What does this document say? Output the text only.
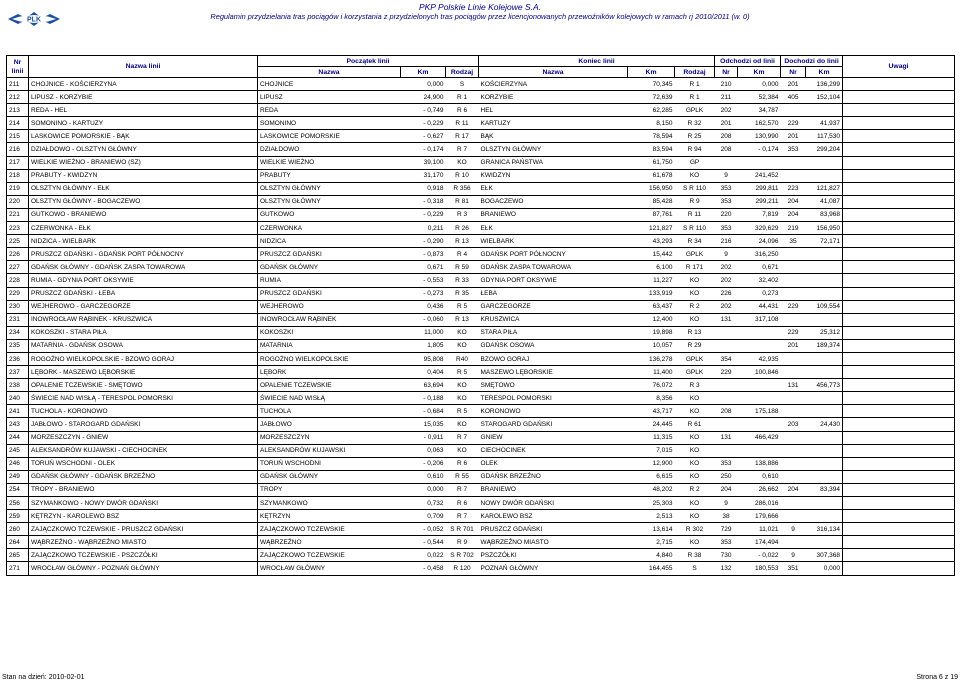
PLK
PKP Polskie Linie Kolejowe S.A.
Regulamin przydzielania tras pociągów i korzystania z przydzielonych tras pociągów przez licencjonowanych przewoźników kolejowych w ramach rj 2010/2011 (w. 0)
Nr linii	Nazwa linii	Początek linii			Koniec linii			Odchodzi od linii		Dochodzi do linii		Uwagi
		Nazwa	Km	Rodzaj	Nazwa	Km	Rodzaj	Nr	Km	Nr	Km	
211	CHOJNICE - KOŚCIERZYNA	CHOJNICE	0,000	S	KOŚCIERZYNA	70,345	R 1	210	0,000	201	136,299	
212	LIPUSZ - KORZYBIE	LIPUSZ	24,900	R 1	KORZYBIE	72,639	R 1	211	52,384	405	152,104	
213	REDA - HEL	REDA	- 0,749	R 6	HEL	62,285	GPLK	202	34,787			
214	SOMONINO - KARTUZY	SOMONINO	- 0,229	R 11	KARTUZY	8,150	R 32	201	162,570	229	41,937	
215	LASKOWICE POMORSKIE - BĄK	LASKOWICE POMORSKIE	- 0,627	R 17	BĄK	78,594	R 25	208	130,990	201	117,530	
216	DZIAŁDOWO - OLSZTYN GŁÓWNY	DZIAŁDOWO	- 0,174	R 7	OLSZTYN GŁÓWNY	83,594	R 94	208	- 0,174	353	299,204	
217	WIELKIE WIEŻNO - BRANIEWO (SZ)	WIELKIE WIEŻNO	39,100	KO	GRANICA PAŃSTWA	61,750	GP					
218	PRABUTY - KWIDZYN	PRABUTY	31,170	R 10	KWIDZYN	61,678	KO	9	241,452			
219	OLSZTYN GŁÓWNY - EŁK	OLSZTYN GŁÓWNY	0,918	R 356	EŁK	156,950	S R 110	353	299,811	223	121,827	
220	OLSZTYN GŁÓWNY - BOGACZEWO	OLSZTYN GŁÓWNY	- 0,318	R 81	BOGACZEWO	85,428	R 9	353	299,211	204	41,087	
221	GUTKOWO - BRANIEWO	GUTKOWO	- 0,229	R 3	BRANIEWO	87,761	R 11	220	7,819	204	83,968	
223	CZERWONKA - EŁK	CZERWONKA	0,211	R 26	EŁK	121,827	S R 110	353	329,629	219	156,950	
225	NIDZICA - WIELBARK	NIDZICA	- 0,290	R 13	WIELBARK	43,293	R 34	216	24,096	35	72,171	
226	PRUSZCZ GDAŃSKI - GDAŃSK PORT PÓŁNOCNY	PRUSZCZ GDAŃSKI	- 0,873	R 4	GDAŃSK PORT PÓŁNOCNY	15,442	GPLK	9	316,250			
227	GDAŃSK GŁÓWNY - GDAŃSK ZASPA TOWAROWA	GDAŃSK GŁÓWNY	0,671	R 59	GDAŃSK ZASPA TOWAROWA	6,100	R 171	202	0,671			
228	RUMIA - GDYNIA PORT OKSYWIE	RUMIA	- 0,553	R 33	GDYNIA PORT OKSYWIE	11,227	KO	202	32,402			
229	PRUSZCZ GDAŃSKI - ŁEBA	PRUSZCZ GDAŃSKI	- 0,273	R 35	ŁEBA	133,919	KO	226	0,273			
230	WEJHEROWO - GARCZEGORZE	WEJHEROWO	0,436	R 5	GARCZEGORZE	63,437	R 2	202	44,431	229	109,554	
231	INOWROCŁAW RĄBINEK - KRUSZWICA	INOWROCŁAW RĄBINEK	- 0,060	R 13	KRUSZWICA	12,400	KO	131	317,108			
234	KOKOSZKI - STARA PIŁA	KOKOSZKI	11,000	KO	STARA PIŁA	19,898	R 13			229	25,312	
235	MATARNIA - GDAŃSK OSOWA	MATARNIA	1,805	KO	GDAŃSK OSOWA	10,057	R 29			201	189,374	
236	ROGOŻNO WIELKOPOLSKIE - BZOWO GORAJ	ROGOŻNO WIELKOPOLSKIE	95,808	R40	BZOWO GORAJ	136,278	GPLK	354	42,935			
237	LĘBORK - MASZEWO LĘBORSKIE	LĘBORK	0,404	R 5	MASZEWO LĘBORSKIE	11,400	GPLK	229	100,846			
238	OPALENIE TCZEWSKIE - SMĘTOWO	OPALENIE TCZEWSKIE	63,694	KO	SMĘTOWO	76,072	R 3			131	456,773	
240	ŚWIECIE NAD WISŁĄ - TERESPOL POMORSKI	ŚWIECIE NAD WISŁĄ	- 0,188	KO	TERESPOL POMORSKI	8,356	KO					
241	TUCHOLA - KORONOWO	TUCHOLA	- 0,684	R 5	KORONOWO	43,717	KO	208	175,188			
243	JABŁOWO - STAROGARD GDAŃSKI	JABŁOWO	15,035	KO	STAROGARD GDAŃSKI	24,445	R 61			203	24,430	
244	MORZESZCZYN - GNIEW	MORZESZCZYN	- 0,911	R 7	GNIEW	11,315	KO	131	466,429			
245	ALEKSANDRÓW KUJAWSKI - CIECHOCINEK	ALEKSANDRÓW KUJAWSKI	0,063	KO	CIECHOCINEK	7,015	KO					
246	TORUŃ WSCHODNI - OLEK	TORUŃ WSCHODNI	- 0,206	R 6	OLEK	12,900	KO	353	138,886			
249	GDAŃSK GŁÓWNY - GDAŃSK BRZEŹNO	GDAŃSK GŁÓWNY	0,610	R 55	GDAŃSK BRZEŹNO	6,615	KO	250	0,610			
254	TROPY - BRANIEWO	TROPY	0,000	R 7	BRANIEWO	48,202	R 2	204	26,662	204	83,394	
256	SZYMANKOWO - NOWY DWÓR GDAŃSKI	SZYMANKOWO	0,732	R 6	NOWY DWÓR GDAŃSKI	25,303	KO	9	286,016			
259	KĘTRZYN - KAROLEWO BSZ	KĘTRZYN	0,709	R 7	KAROLEWO BSZ	2,513	KO	38	179,666			
260	ZAJĄCZKOWO TCZEWSKIE - PRUSZCZ GDAŃSKI	ZAJĄCZKOWO TCZEWSKIE	- 0,052	S R 701	PRUSZCZ GDAŃSKI	13,614	R 302	729	11,021	9	316,134	
264	WĄBRZEŹNO - WĄBRZEŹNO MIASTO	WĄBRZEŹNO	- 0,544	R 9	WĄBRZEŹNO MIASTO	2,715	KO	353	174,494			
265	ZAJĄCZKOWO TCZEWSKIE - PSZCZÓŁKI	ZAJĄCZKOWO TCZEWSKIE	0,022	S R 702	PSZCZÓŁKI	4,840	R 38	730	- 0,022	9	307,368	
271	WROCŁAW GŁÓWNY - POZNAŃ GŁÓWNY	WROCŁAW GŁÓWNY	- 0,458	R 120	POZNAŃ GŁÓWNY	164,455	S	132	180,553	351	0,000	
Stan na dzień: 2010-02-01	Strona 6 z 19
